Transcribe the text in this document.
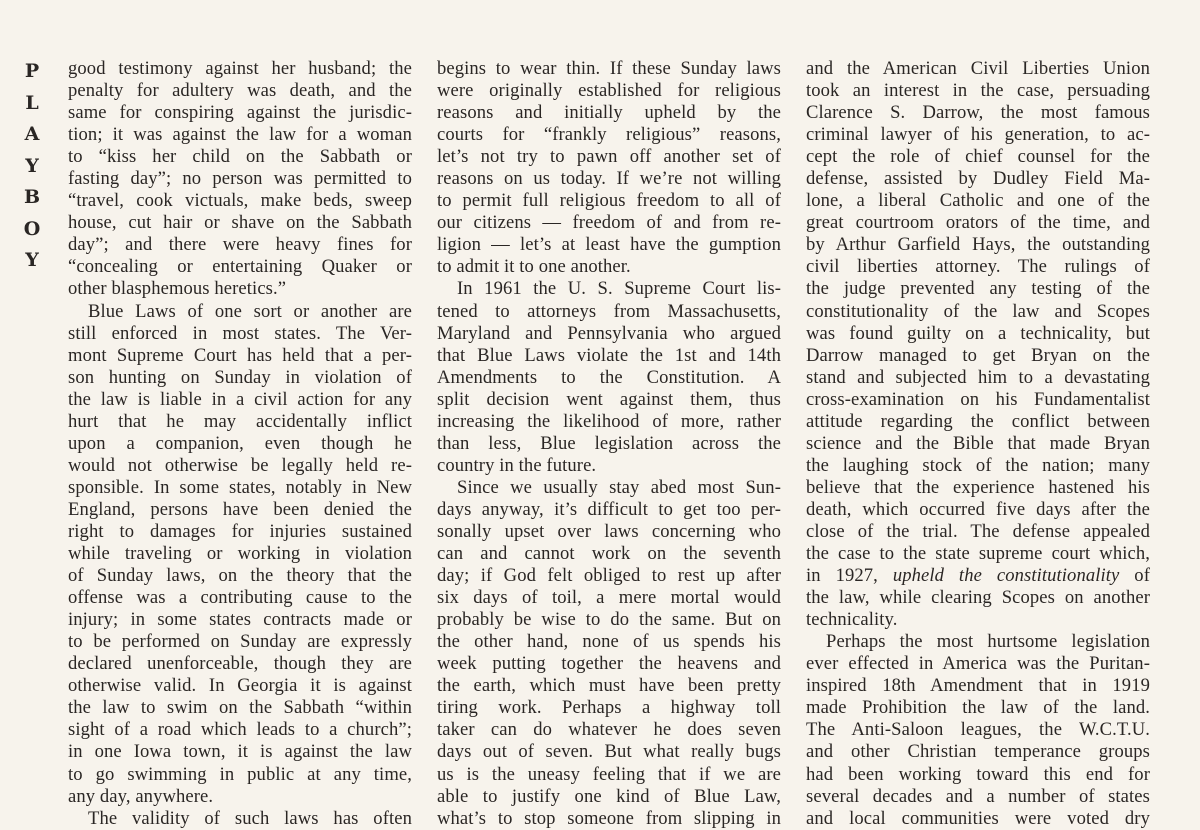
P
L
A
Y
B
O
Y
good testimony against her husband; the
penalty for adultery was death, and the
same for conspiring against the jurisdic-
tion; it was against the law for a woman
to “kiss her child on the Sabbath or
fasting day”; no person was permitted to
“travel, cook victuals, make beds, sweep
house, cut hair or shave on the Sabbath
day”; and there were heavy fines for
“concealing or entertaining Quaker or
other blasphemous heretics.”
Blue Laws of one sort or another are
still enforced in most states. The Ver-
mont Supreme Court has held that a per-
son hunting on Sunday in violation of
the law is liable in a civil action for any
hurt that he may accidentally inflict
upon a companion, even though he
would not otherwise be legally held re-
sponsible. In some states, notably in New
England, persons have been denied the
right to damages for injuries sustained
while traveling or working in violation
of Sunday laws, on the theory that the
offense was a contributing cause to the
injury; in some states contracts made or
to be performed on Sunday are expressly
declared unenforceable, though they are
otherwise valid. In Georgia it is against
the law to swim on the Sabbath “within
sight of a road which leads to a church”;
in one Iowa town, it is against the law
to go swimming in public at any time,
any day, anywhere.
The validity of such laws has often
begins to wear thin. If these Sunday laws
were originally established for religious
reasons and initially upheld by the
courts for “frankly religious” reasons,
let’s not try to pawn off another set of
reasons on us today. If we’re not willing
to permit full religious freedom to all of
our citizens — freedom of and from re-
ligion — let’s at least have the gumption
to admit it to one another.
In 1961 the U. S. Supreme Court lis-
tened to attorneys from Massachusetts,
Maryland and Pennsylvania who argued
that Blue Laws violate the 1st and 14th
Amendments to the Constitution. A
split decision went against them, thus
increasing the likelihood of more, rather
than less, Blue legislation across the
country in the future.
Since we usually stay abed most Sun-
days anyway, it’s difficult to get too per-
sonally upset over laws concerning who
can and cannot work on the seventh
day; if God felt obliged to rest up after
six days of toil, a mere mortal would
probably be wise to do the same. But on
the other hand, none of us spends his
week putting together the heavens and
the earth, which must have been pretty
tiring work. Perhaps a highway toll
taker can do whatever he does seven
days out of seven. But what really bugs
us is the uneasy feeling that if we are
able to justify one kind of Blue Law,
what’s to stop someone from slipping in
and the American Civil Liberties Union
took an interest in the case, persuading
Clarence S. Darrow, the most famous
criminal lawyer of his generation, to ac-
cept the role of chief counsel for the
defense, assisted by Dudley Field Ma-
lone, a liberal Catholic and one of the
great courtroom orators of the time, and
by Arthur Garfield Hays, the outstanding
civil liberties attorney. The rulings of
the judge prevented any testing of the
constitutionality of the law and Scopes
was found guilty on a technicality, but
Darrow managed to get Bryan on the
stand and subjected him to a devastating
cross-examination on his Fundamentalist
attitude regarding the conflict between
science and the Bible that made Bryan
the laughing stock of the nation; many
believe that the experience hastened his
death, which occurred five days after the
close of the trial. The defense appealed
the case to the state supreme court which,
in 1927, upheld the constitutionality of
the law, while clearing Scopes on another
technicality.
Perhaps the most hurtsome legislation
ever effected in America was the Puritan-
inspired 18th Amendment that in 1919
made Prohibition the law of the land.
The Anti-Saloon leagues, the W.C.T.U.
and other Christian temperance groups
had been working toward this end for
several decades and a number of states
and local communities were voted dry
